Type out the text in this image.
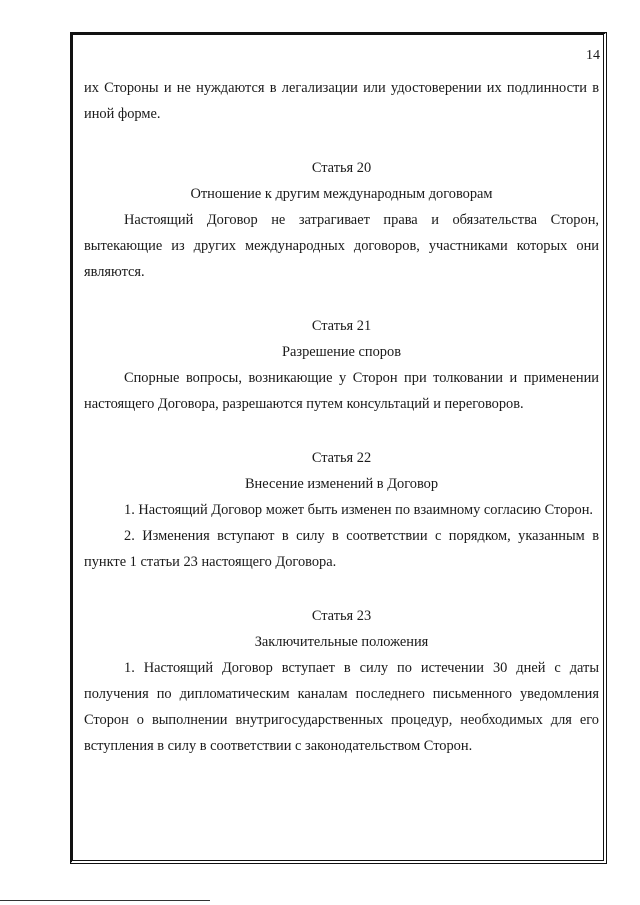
14

их Стороны и не нуждаются в легализации или удостоверении их подлинности в иной форме.

Статья 20

Отношение к другим международным договорам

Настоящий Договор не затрагивает права и обязательства Сторон, вытекающие из других международных договоров, участниками которых они являются.

Статья 21

Разрешение споров

Спорные вопросы, возникающие у Сторон при толковании и применении настоящего Договора, разрешаются путем консультаций и переговоров.

Статья 22

Внесение изменений в Договор

1. Настоящий Договор может быть изменен по взаимному согласию Сторон.

2. Изменения вступают в силу в соответствии с порядком, указанным в пункте 1 статьи 23 настоящего Договора.

Статья 23

Заключительные положения

1. Настоящий Договор вступает в силу по истечении 30 дней с даты получения по дипломатическим каналам последнего письменного уведомления Сторон о выполнении внутригосударственных процедур, необходимых для его вступления в силу в соответствии с законодательством Сторон.
